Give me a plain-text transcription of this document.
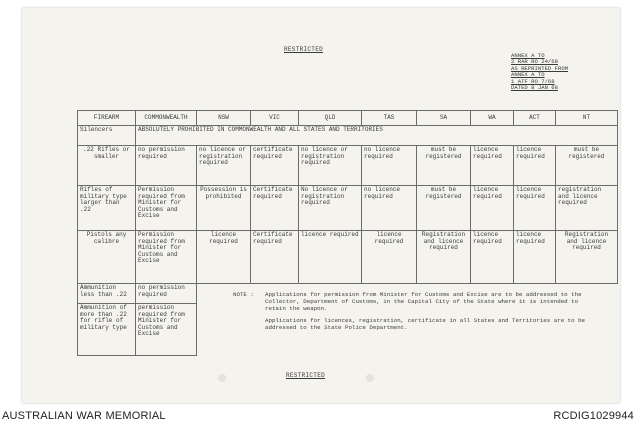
RESTRICTED
ANNEX A TO
2 RAR RO 24/68
AS REPRINTED FROM
ANNEX A TO
1 ATF RO 7/68
DATED 8 JAN 68
FIREARM	COMMONWEALTH	NSW	VIC	QLD	TAS	SA	WA	ACT	NT
Silencers	ABSOLUTELY PROHIBITED IN COMMONWEALTH AND ALL STATES AND TERRITORIES								
.22 Rifles or smaller	no permission required	no licence or registration required	certificate required	no licence or registration required	no licence required	must be registered	licence required	licence required	must be registered
Rifles of military type larger than .22	Permission required from Minister for Customs and Excise	Possession is prohibited	Certificate required	No licence or registration required	no licence required	must be registered	licence required	licence required	registration and licence required
Pistols any calibre	Permission required from Minister for Customs and Excise	licence required	Certificate required	licence required	licence required	Registration and licence required	licence required	licence required	Registration and licence required
Ammunition less than .22	no permission required								
Ammunition of more than .22 for rifle of military type	permission required from Minister for Customs and Excise								
NOTE : Applications for permission from Minister for Customs and Excise are to be addressed to the Collector, Department of Customs, in the Capital City of the State where it is intended to retain the weapon.
Applications for licences, registration, certificate in all States and Territories are to be addressed to the State Police Department.
RESTRICTED
AUSTRALIAN WAR MEMORIAL	RCDIG1029944
